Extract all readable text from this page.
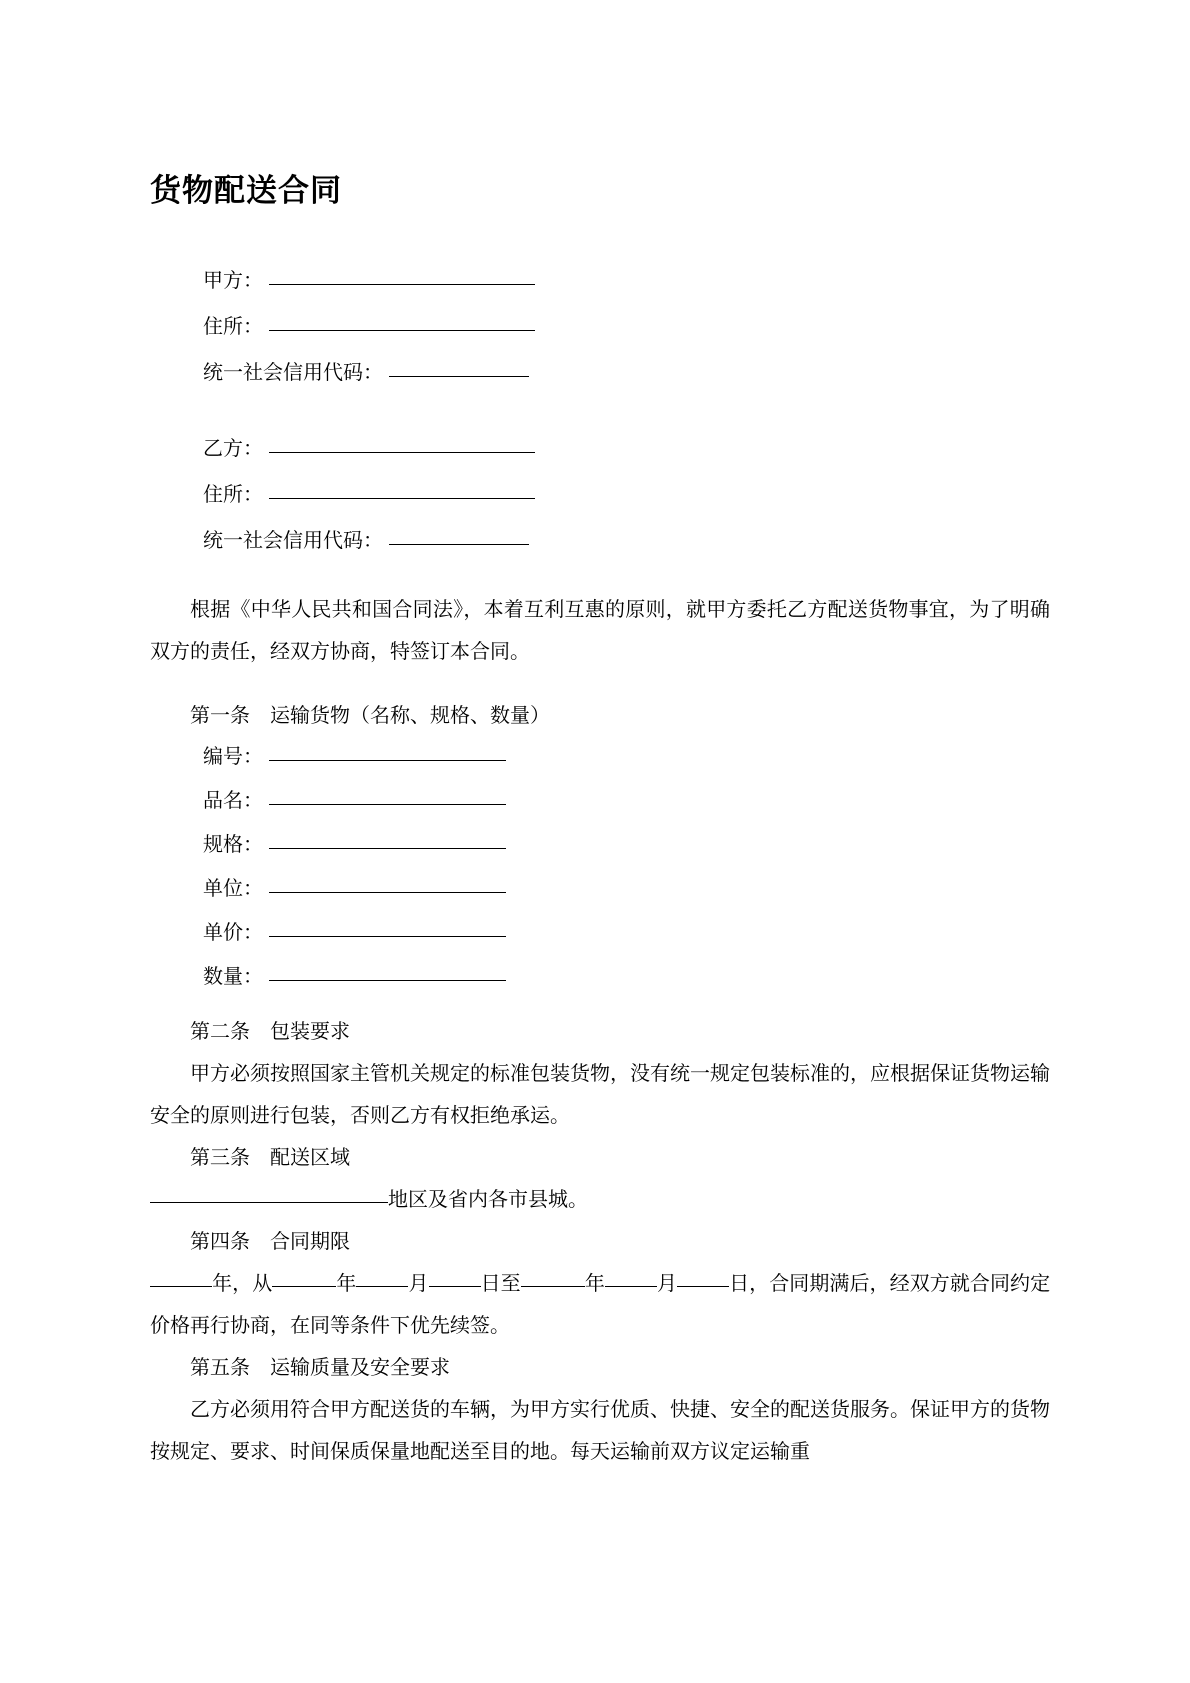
货物配送合同
甲方：
住所：
统一社会信用代码：
乙方：
住所：
统一社会信用代码：

根据《中华人民共和国合同法》，本着互利互惠的原则，就甲方委托乙方配送货物事宜，为了明确双方的责任，经双方协商，特签订本合同。

第一条 运输货物（名称、规格、数量）

编号：
品名：
规格：
单位：
单价：
数量：

第二条 包装要求

甲方必须按照国家主管机关规定的标准包装货物，没有统一规定包装标准的，应根据保证货物运输安全的原则进行包装，否则乙方有权拒绝承运。

第三条 配送区域

地区及省内各市县城。

第四条 合同期限

年，从	年	月	日至	年	月	日，合同期满后，经双方就合同约定价格再行协商，在同等条件下优先续签。

第五条 运输质量及安全要求

乙方必须用符合甲方配送货的车辆，为甲方实行优质、快捷、安全的配送货服务。保证甲方的货物按规定、要求、时间保质保量地配送至目的地。每天运输前双方议定运输重
